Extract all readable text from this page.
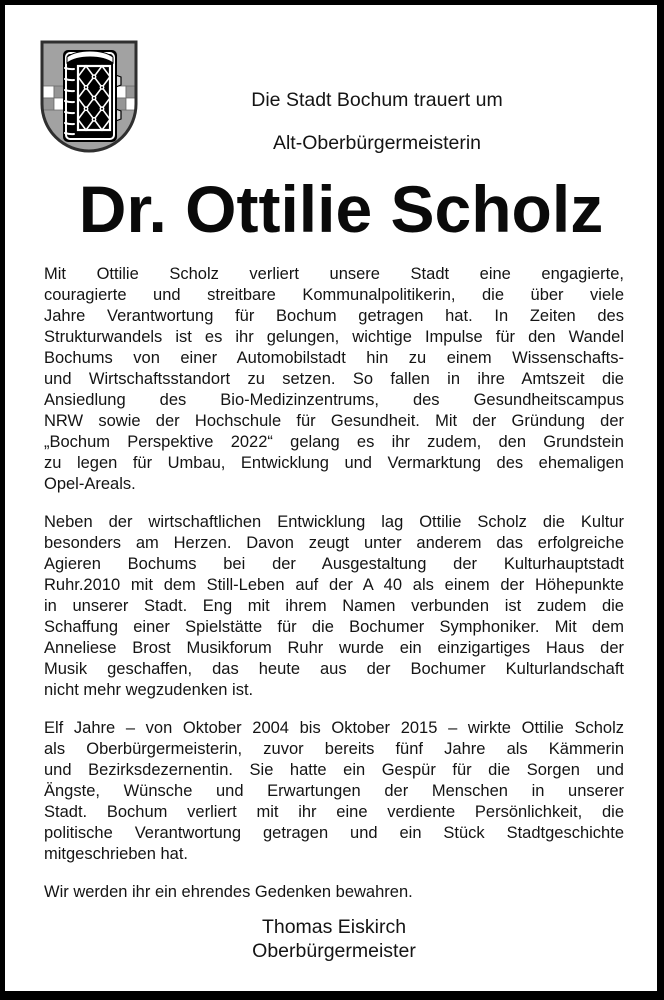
Die Stadt Bochum trauert um
Alt-Oberbürgermeisterin
Dr. Ottilie Scholz
Mit Ottilie Scholz verliert unsere Stadt eine engagierte,
couragierte und streitbare Kommunalpolitikerin, die über viele
Jahre Verantwortung für Bochum getragen hat. In Zeiten des
Strukturwandels ist es ihr gelungen, wichtige Impulse für den Wandel
Bochums von einer Automobilstadt hin zu einem Wissenschafts-
und Wirtschaftsstandort zu setzen. So fallen in ihre Amtszeit die
Ansiedlung des Bio-Medizinzentrums, des Gesundheitscampus
NRW sowie der Hochschule für Gesundheit. Mit der Gründung der
„Bochum Perspektive 2022“ gelang es ihr zudem, den Grundstein
zu legen für Umbau, Entwicklung und Vermarktung des ehemaligen
Opel-Areals.
Neben der wirtschaftlichen Entwicklung lag Ottilie Scholz die Kultur
besonders am Herzen. Davon zeugt unter anderem das erfolgreiche
Agieren Bochums bei der Ausgestaltung der Kulturhauptstadt
Ruhr.2010 mit dem Still-Leben auf der A 40 als einem der Höhepunkte
in unserer Stadt. Eng mit ihrem Namen verbunden ist zudem die
Schaffung einer Spielstätte für die Bochumer Symphoniker. Mit dem
Anneliese Brost Musikforum Ruhr wurde ein einzigartiges Haus der
Musik geschaffen, das heute aus der Bochumer Kulturlandschaft
nicht mehr wegzudenken ist.
Elf Jahre – von Oktober 2004 bis Oktober 2015 – wirkte Ottilie Scholz
als Oberbürgermeisterin, zuvor bereits fünf Jahre als Kämmerin
und Bezirksdezernentin. Sie hatte ein Gespür für die Sorgen und
Ängste, Wünsche und Erwartungen der Menschen in unserer
Stadt. Bochum verliert mit ihr eine verdiente Persönlichkeit, die
politische Verantwortung getragen und ein Stück Stadtgeschichte
mitgeschrieben hat.
Wir werden ihr ein ehrendes Gedenken bewahren.
Thomas Eiskirch
Oberbürgermeister
